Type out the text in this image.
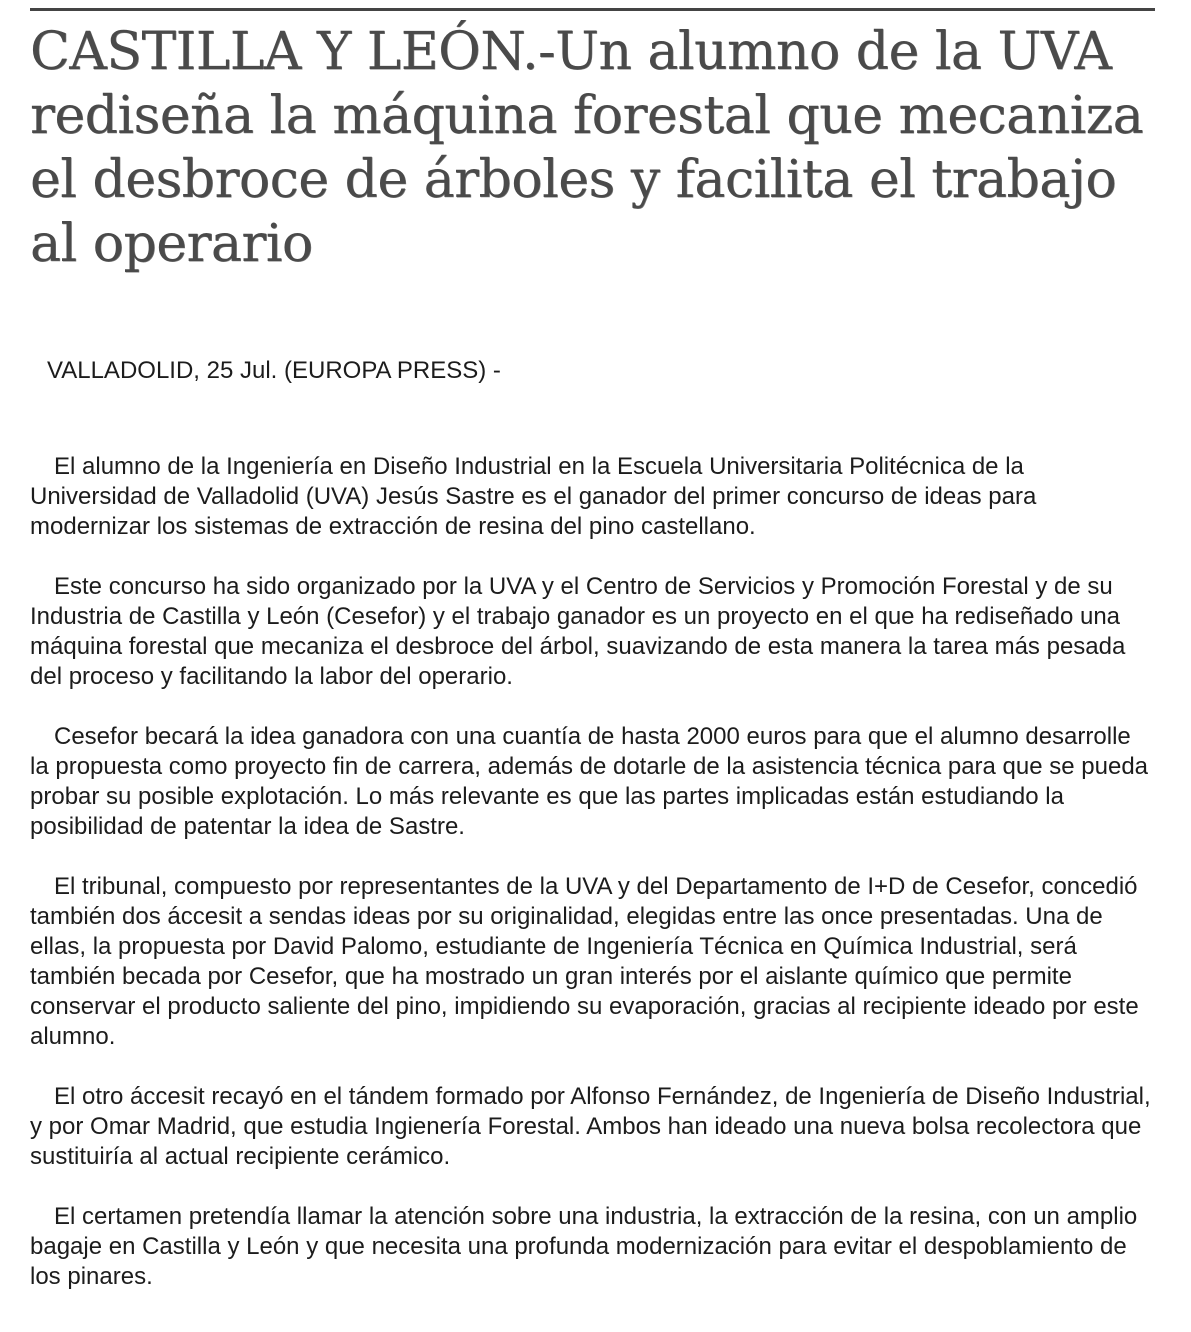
CASTILLA Y LEÓN.-Un alumno de la UVA rediseña la máquina forestal que mecaniza el desbroce de árboles y facilita el trabajo al operario

VALLADOLID, 25 Jul. (EUROPA PRESS) -

El alumno de la Ingeniería en Diseño Industrial en la Escuela Universitaria Politécnica de la Universidad de Valladolid (UVA) Jesús Sastre es el ganador del primer concurso de ideas para modernizar los sistemas de extracción de resina del pino castellano.

Este concurso ha sido organizado por la UVA y el Centro de Servicios y Promoción Forestal y de su Industria de Castilla y León (Cesefor) y el trabajo ganador es un proyecto en el que ha rediseñado una máquina forestal que mecaniza el desbroce del árbol, suavizando de esta manera la tarea más pesada del proceso y facilitando la labor del operario.

Cesefor becará la idea ganadora con una cuantía de hasta 2000 euros para que el alumno desarrolle la propuesta como proyecto fin de carrera, además de dotarle de la asistencia técnica para que se pueda probar su posible explotación. Lo más relevante es que las partes implicadas están estudiando la posibilidad de patentar la idea de Sastre.

El tribunal, compuesto por representantes de la UVA y del Departamento de I+D de Cesefor, concedió también dos áccesit a sendas ideas por su originalidad, elegidas entre las once presentadas. Una de ellas, la propuesta por David Palomo, estudiante de Ingeniería Técnica en Química Industrial, será también becada por Cesefor, que ha mostrado un gran interés por el aislante químico que permite conservar el producto saliente del pino, impidiendo su evaporación, gracias al recipiente ideado por este alumno.

El otro áccesit recayó en el tándem formado por Alfonso Fernández, de Ingeniería de Diseño Industrial, y por Omar Madrid, que estudia Ingienería Forestal. Ambos han ideado una nueva bolsa recolectora que sustituiría al actual recipiente cerámico.

El certamen pretendía llamar la atención sobre una industria, la extracción de la resina, con un amplio bagaje en Castilla y León y que necesita una profunda modernización para evitar el despoblamiento de los pinares.
